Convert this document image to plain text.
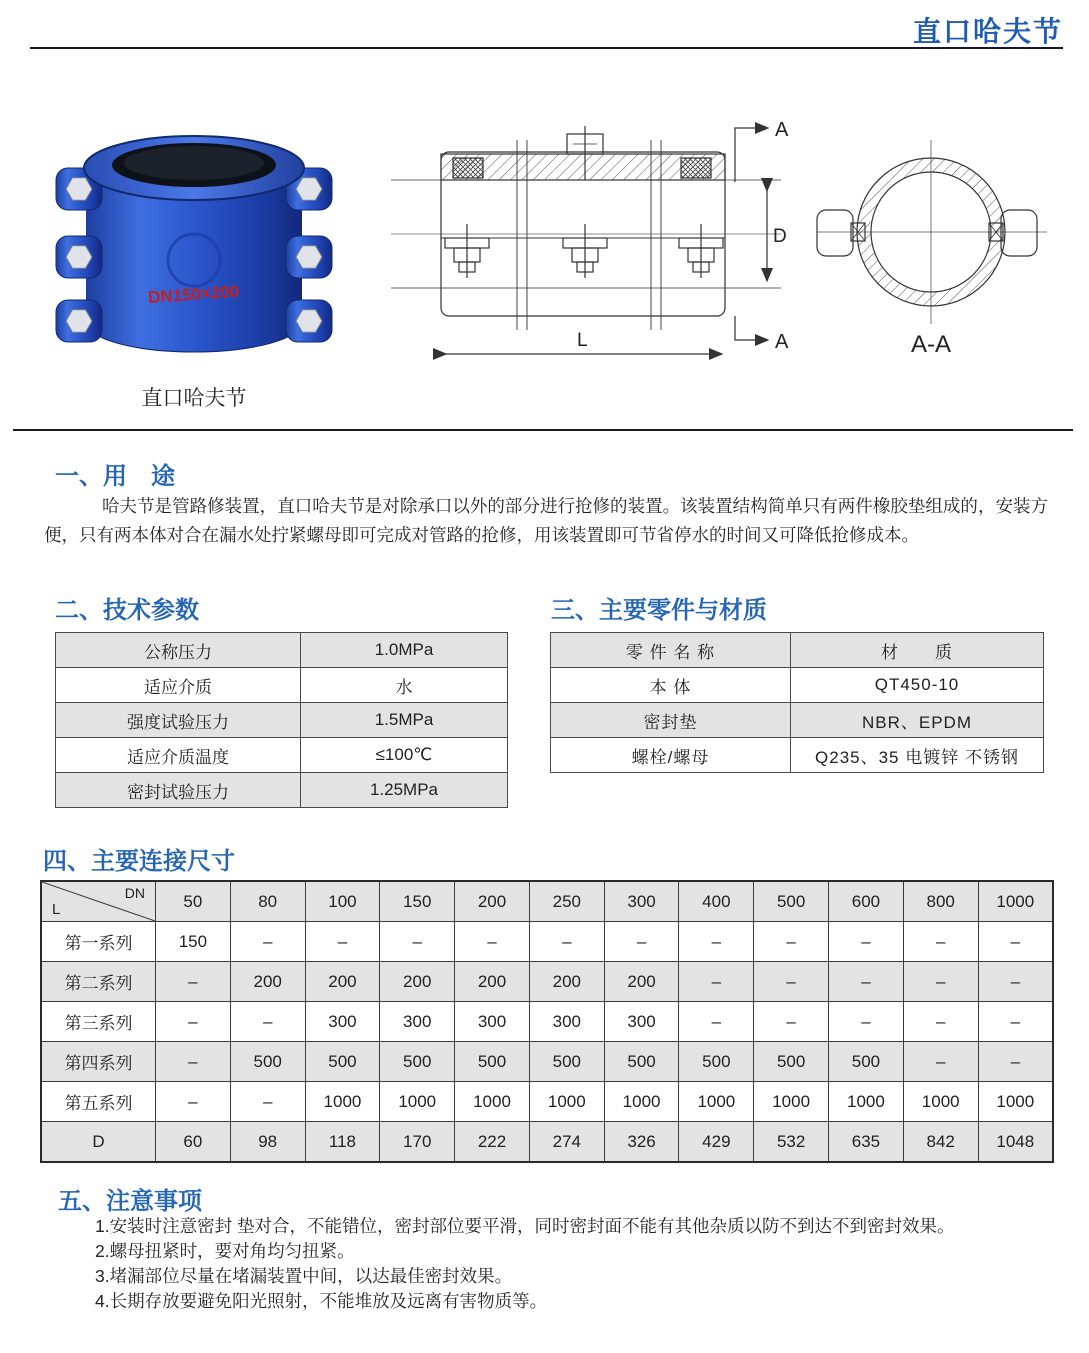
直口哈夫节
DN150×200
直口哈夫节
A
A
D
L	A-A
一、用　途
哈夫节是管路修装置，直口哈夫节是对除承口以外的部分进行抢修的装置。该装置结构简单只有两件橡胶垫组成的，安装方便，只有两本体对合在漏水处拧紧螺母即可完成对管路的抢修，用该装置即可节省停水的时间又可降低抢修成本。
二、技术参数
公称压力	1.0MPa
适应介质	水
强度试验压力	1.5MPa
适应介质温度	≤100℃
密封试验压力	1.25MPa
三、主要零件与材质
零 件 名 称	材　　质
本 体	QT450-10
密封垫	NBR、EPDM
螺栓/螺母	Q235、35 电镀锌 不锈钢
四、主要连接尺寸
DN
L	50	80	100	150	200	250	300	400	500	600	800	1000
第一系列	150	–	–	–	–	–	–	–	–	–	–	–
第二系列	–	200	200	200	200	200	200	–	–	–	–	–
第三系列	–	–	300	300	300	300	300	–	–	–	–	–
第四系列	–	500	500	500	500	500	500	500	500	500	–	–
第五系列	–	–	1000	1000	1000	1000	1000	1000	1000	1000	1000	1000
D	60	98	118	170	222	274	326	429	532	635	842	1048
五、注意事项
1.安装时注意密封 垫对合，不能错位，密封部位要平滑，同时密封面不能有其他杂质以防不到达不到密封效果。
2.螺母扭紧时，要对角均匀扭紧。
3.堵漏部位尽量在堵漏装置中间，以达最佳密封效果。
4.长期存放要避免阳光照射，不能堆放及远离有害物质等。
